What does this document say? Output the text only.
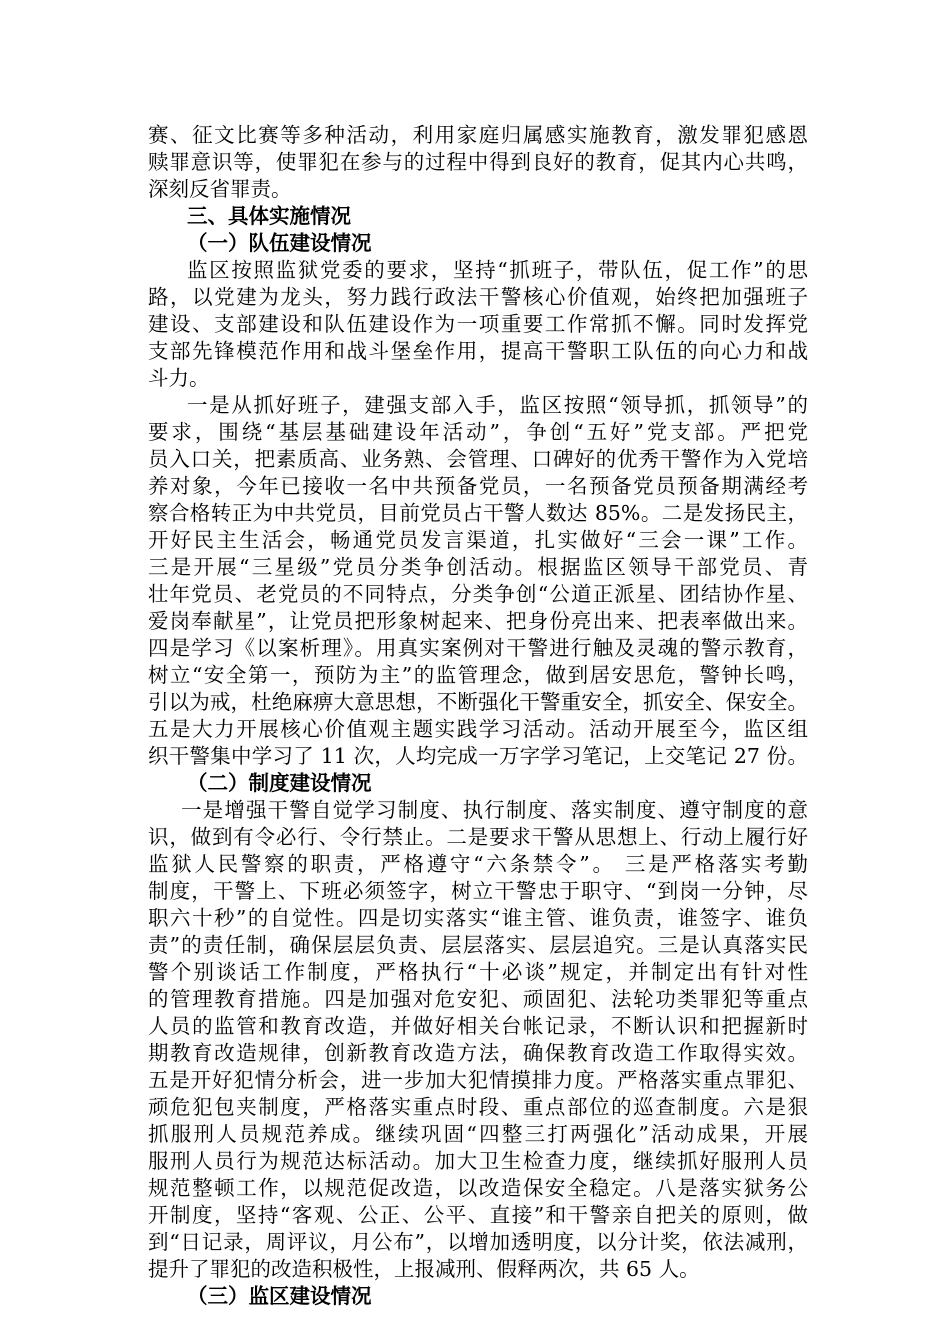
赛、征文比赛等多种活动，利用家庭归属感实施教育，激发罪犯感恩
赎罪意识等，使罪犯在参与的过程中得到良好的教育，促其内心共鸣，
深刻反省罪责。
三、具体实施情况
（一）队伍建设情况
监区按照监狱党委的要求，坚持“抓班子，带队伍，促工作”的思
路，以党建为龙头，努力践行政法干警核心价值观，始终把加强班子
建设、支部建设和队伍建设作为一项重要工作常抓不懈。同时发挥党
支部先锋模范作用和战斗堡垒作用，提高干警职工队伍的向心力和战
斗力。
一是从抓好班子，建强支部入手，监区按照“领导抓，抓领导”的
要求，围绕“基层基础建设年活动”，争创“五好”党支部。严把党
员入口关，把素质高、业务熟、会管理、口碑好的优秀干警作为入党培
养对象，今年已接收一名中共预备党员，一名预备党员预备期满经考
察合格转正为中共党员，目前党员占干警人数达 85%。二是发扬民主，
开好民主生活会，畅通党员发言渠道，扎实做好“三会一课”工作。
三是开展“三星级”党员分类争创活动。根据监区领导干部党员、青
壮年党员、老党员的不同特点，分类争创“公道正派星、团结协作星、
爱岗奉献星”，让党员把形象树起来、把身份亮出来、把表率做出来。
四是学习《以案析理》。用真实案例对干警进行触及灵魂的警示教育，
树立“安全第一，预防为主”的监管理念，做到居安思危，警钟长鸣，
引以为戒，杜绝麻痹大意思想，不断强化干警重安全，抓安全、保安全。
五是大力开展核心价值观主题实践学习活动。活动开展至今，监区组
织干警集中学习了 11 次，人均完成一万字学习笔记，上交笔记 27 份。
（二）制度建设情况
一是增强干警自觉学习制度、执行制度、落实制度、遵守制度的意
识，做到有令必行、令行禁止。二是要求干警从思想上、行动上履行好
监狱人民警察的职责，严格遵守“六条禁令”。 三是严格落实考勤
制度，干警上、下班必须签字，树立干警忠于职守、“到岗一分钟，尽
职六十秒”的自觉性。四是切实落实“谁主管、谁负责，谁签字、谁负
责”的责任制，确保层层负责、层层落实、层层追究。三是认真落实民
警个别谈话工作制度，严格执行“十必谈”规定，并制定出有针对性
的管理教育措施。四是加强对危安犯、顽固犯、法轮功类罪犯等重点
人员的监管和教育改造，并做好相关台帐记录，不断认识和把握新时
期教育改造规律，创新教育改造方法，确保教育改造工作取得实效。
五是开好犯情分析会，进一步加大犯情摸排力度。严格落实重点罪犯、
顽危犯包夹制度，严格落实重点时段、重点部位的巡查制度。六是狠
抓服刑人员规范养成。继续巩固“四整三打两强化”活动成果，开展
服刑人员行为规范达标活动。加大卫生检查力度，继续抓好服刑人员
规范整顿工作，以规范促改造，以改造保安全稳定。八是落实狱务公
开制度，坚持“客观、公正、公平、直接”和干警亲自把关的原则，做
到“日记录，周评议，月公布”，以增加透明度，以分计奖，依法减刑，
提升了罪犯的改造积极性，上报减刑、假释两次，共 65 人。
（三）监区建设情况
